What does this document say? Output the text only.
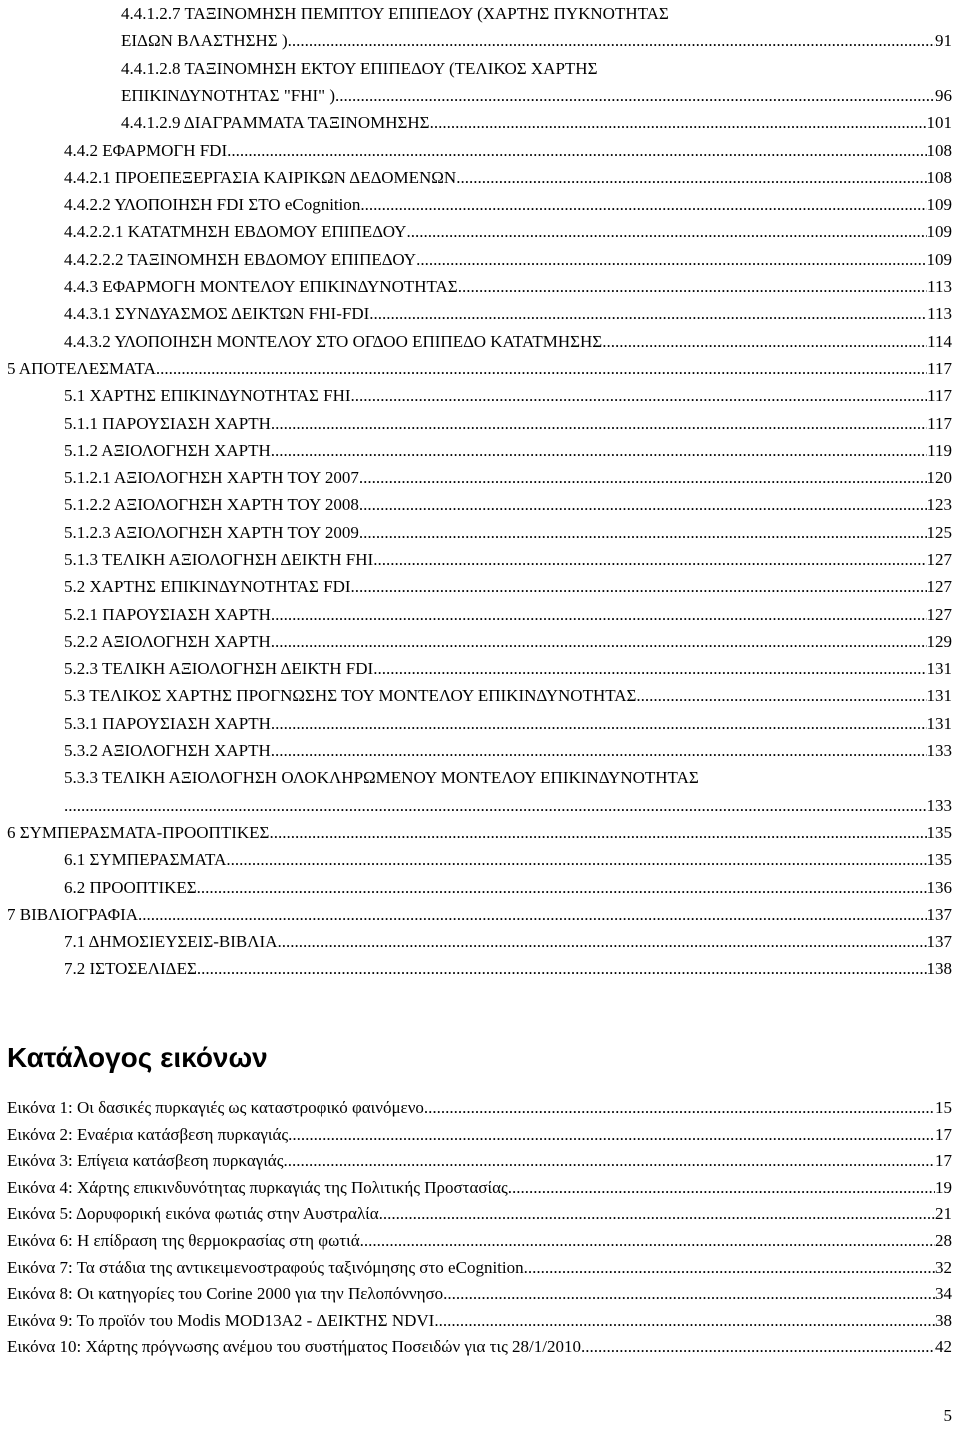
4.4.1.2.7 ΤΑΞΙΝΟΜΗΣΗ ΠΕΜΠΤΟΥ ΕΠΙΠΕΔΟΥ (ΧΑΡΤΗΣ ΠΥΚΝΟΤΗΤΑΣ
ΕΙΔΩΝ ΒΛΑΣΤΗΣΗΣ ). .....	91
4.4.1.2.8 ΤΑΞΙΝΟΜΗΣΗ ΕΚΤΟΥ ΕΠΙΠΕΔΟΥ (ΤΕΛΙΚΟΣ ΧΑΡΤΗΣ
ΕΠΙΚΙΝΔΥΝΟΤΗΤΑΣ "FHI" ). .....	96
4.4.1.2.9 ΔΙΑΓΡΑΜΜΑΤΑ ΤΑΞΙΝΟΜΗΣΗΣ .....	101
4.4.2 ΕΦΑΡΜΟΓΗ FDI .....	108
4.4.2.1 ΠΡΟΕΠΕΞΕΡΓΑΣΙΑ ΚΑΙΡΙΚΩΝ ΔΕΔΟΜΕΝΩΝ .....	108
4.4.2.2 ΥΛΟΠΟΙΗΣΗ FDI ΣΤΟ eCognition .....	109
4.4.2.2.1 ΚΑΤΑΤΜΗΣΗ ΕΒΔΟΜΟΥ ΕΠΙΠΕΔΟΥ .....	109
4.4.2.2.2 ΤΑΞΙΝΟΜΗΣΗ ΕΒΔΟΜΟΥ ΕΠΙΠΕΔΟΥ .....	109
4.4.3 ΕΦΑΡΜΟΓΗ ΜΟΝΤΕΛΟΥ ΕΠΙΚΙΝΔΥΝΟΤΗΤΑΣ .....	113
4.4.3.1 ΣΥΝΔΥΑΣΜΟΣ ΔΕΙΚΤΩΝ FHI-FDI .....	113
4.4.3.2 ΥΛΟΠΟΙΗΣΗ ΜΟΝΤΕΛΟΥ ΣΤΟ ΟΓΔΟΟ ΕΠΙΠΕΔΟ ΚΑΤΑΤΜΗΣΗΣ .....	114
5 ΑΠΟΤΕΛΕΣΜΑΤΑ .....	117
5.1 ΧΑΡΤΗΣ ΕΠΙΚΙΝΔΥΝΟΤΗΤΑΣ FHI .....	117
5.1.1 ΠΑΡΟΥΣΙΑΣΗ ΧΑΡΤΗ .....	117
5.1.2 ΑΞΙΟΛΟΓΗΣΗ ΧΑΡΤΗ .....	119
5.1.2.1 ΑΞΙΟΛΟΓΗΣΗ ΧΑΡΤΗ ΤΟΥ 2007 .....	120
5.1.2.2 ΑΞΙΟΛΟΓΗΣΗ ΧΑΡΤΗ ΤΟΥ 2008 .....	123
5.1.2.3 ΑΞΙΟΛΟΓΗΣΗ ΧΑΡΤΗ ΤΟΥ 2009 .....	125
5.1.3 ΤΕΛΙΚΗ ΑΞΙΟΛΟΓΗΣΗ ΔΕΙΚΤΗ FHI .....	127
5.2 ΧΑΡΤΗΣ ΕΠΙΚΙΝΔΥΝΟΤΗΤΑΣ FDI .....	127
5.2.1 ΠΑΡΟΥΣΙΑΣΗ ΧΑΡΤΗ .....	127
5.2.2 ΑΞΙΟΛΟΓΗΣΗ ΧΑΡΤΗ .....	129
5.2.3 ΤΕΛΙΚΗ ΑΞΙΟΛΟΓΗΣΗ ΔΕΙΚΤΗ FDI .....	131
5.3 ΤΕΛΙΚΟΣ ΧΑΡΤΗΣ ΠΡΟΓΝΩΣΗΣ ΤΟΥ ΜΟΝΤΕΛΟΥ ΕΠΙΚΙΝΔΥΝΟΤΗΤΑΣ .....	131
5.3.1 ΠΑΡΟΥΣΙΑΣΗ ΧΑΡΤΗ .....	131
5.3.2 ΑΞΙΟΛΟΓΗΣΗ ΧΑΡΤΗ .....	133
5.3.3 ΤΕΛΙΚΗ ΑΞΙΟΛΟΓΗΣΗ ΟΛΟΚΛΗΡΩΜΕΝΟΥ ΜΟΝΤΕΛΟΥ ΕΠΙΚΙΝΔΥΝΟΤΗΤΑΣ
.....
133
6 ΣΥΜΠΕΡΑΣΜΑΤΑ-ΠΡΟΟΠΤΙΚΕΣ .....	135
6.1 ΣΥΜΠΕΡΑΣΜΑΤΑ .....	135
6.2 ΠΡΟΟΠΤΙΚΕΣ .....	136
7 ΒΙΒΛΙΟΓΡΑΦΙΑ .....	137
7.1 ΔΗΜΟΣΙΕΥΣΕΙΣ-ΒΙΒΛΙΑ .....	137
7.2 ΙΣΤΟΣΕΛΙΔΕΣ .....	138
Κατάλογος εικόνων
Εικόνα 1: Οι δασικές πυρκαγιές ως καταστροφικό φαινόμενο .....	15
Εικόνα 2: Εναέρια κατάσβεση πυρκαγιάς .....	17
Εικόνα 3: Επίγεια κατάσβεση πυρκαγιάς .....	17
Εικόνα 4: Χάρτης επικινδυνότητας πυρκαγιάς της Πολιτικής Προστασίας .....	19
Εικόνα 5: Δορυφορική εικόνα φωτιάς στην Αυστραλία .....	21
Εικόνα 6: Η επίδραση της θερμοκρασίας στη φωτιά .....	28
Εικόνα 7: Τα στάδια της αντικειμενοστραφούς ταξινόμησης στο eCognition .....	32
Εικόνα 8: Οι κατηγορίες του Corine 2000 για την Πελοπόννησο .....	34
Εικόνα 9: Το προϊόν του Modis MOD13A2 - ΔΕΙΚΤΗΣ NDVI .....	38
Εικόνα 10: Χάρτης πρόγνωσης ανέμου του συστήματος Ποσειδών για τις 28/1/2010 .....	42
5
